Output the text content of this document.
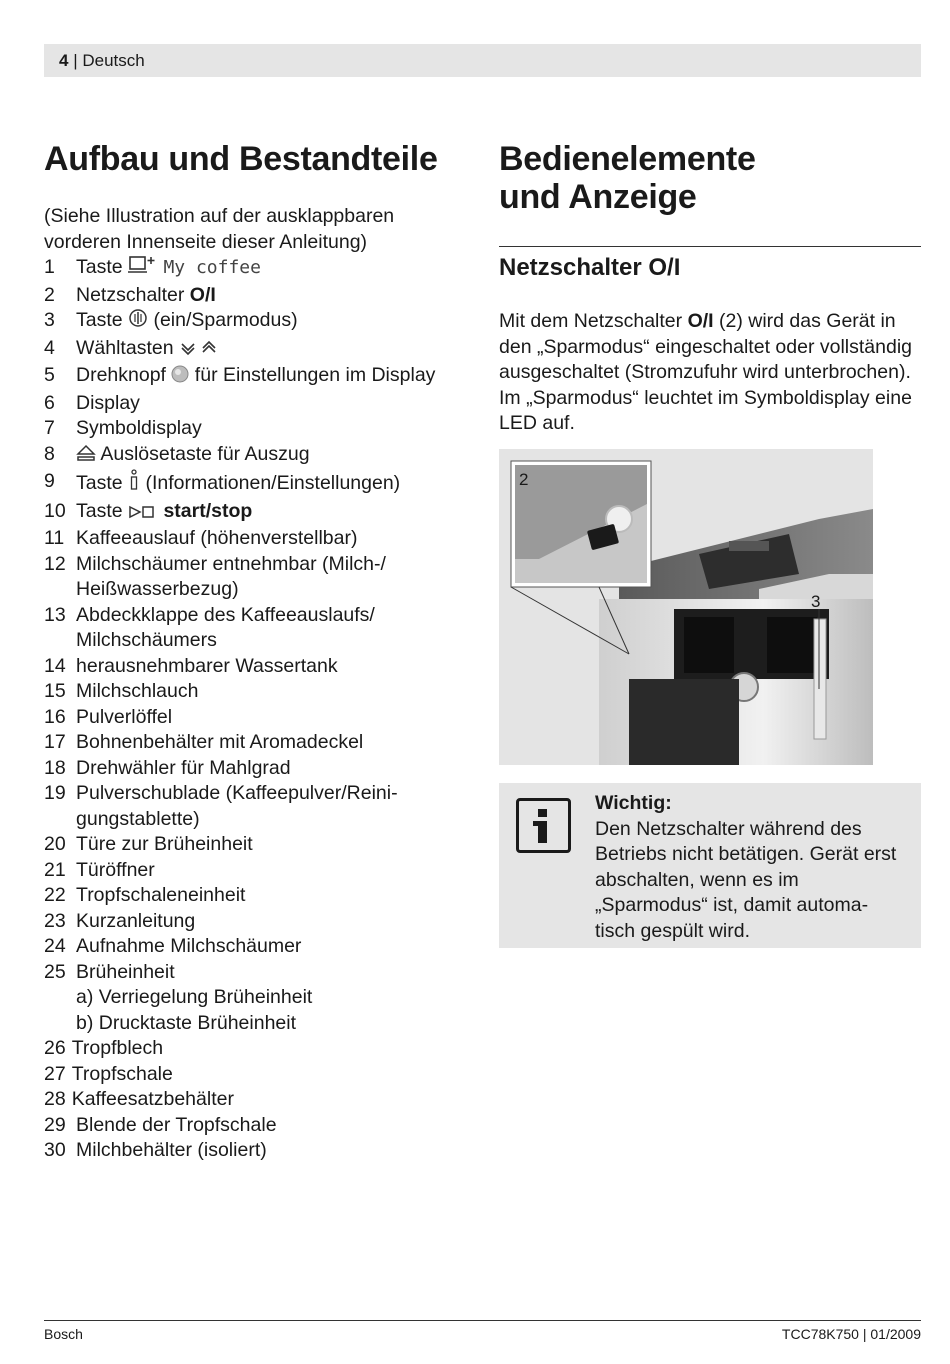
4 | Deutsch
Aufbau und Bestandteile
(Siehe Illustration auf der ausklappbaren vorderen Innenseite dieser Anleitung)
1	Taste My coffee
2	Netzschalter O/I
3	Taste  (ein/Sparmodus)
4	Wähltasten
5	Drehknopf  für Einstellungen im Display
6	Display
7	Symboldisplay
8	Auslösetaste für Auszug
9	Taste  (Informationen/Einstellungen)
10 Taste start/stop
11 Kaffeeauslauf (höhenverstellbar)
12 Milchschäumer entnehmbar (Milch-/
Heißwasserbezug)
13 Abdeckklappe des Kaffeeauslaufs/
Milchschäumers
14 herausnehmbarer Wassertank
15 Milchschlauch
16 Pulverlöffel
17 Bohnenbehälter mit Aromadeckel
18 Drehwähler für Mahlgrad
19 Pulverschublade (Kaffeepulver/Reini-
gungstablette)
20 Türe zur Brüheinheit
21 Türöffner
22 Tropfschaleneinheit
23 Kurzanleitung
24 Aufnahme Milchschäumer
25 Brüheinheit
a) Verriegelung Brüheinheit
b) Drucktaste Brüheinheit
26 Tropfblech
27 Tropfschale
28 Kaffeesatzbehälter
29 Blende der Tropfschale
30 Milchbehälter (isoliert)
Bedienelemente
und Anzeige
Netzschalter O/I
Mit dem Netzschalter O/I (2) wird das Gerät in den „Sparmodus“ eingeschaltet oder vollständig ausgeschaltet (Stromzufuhr wird unterbrochen). Im „Sparmodus“ leuchtet im Symboldisplay eine LED auf.
2
3
Wichtig:
Den Netzschalter während des Betriebs nicht betätigen. Gerät erst abschalten, wenn es im „Sparmodus“ ist, damit automa-tisch gespült wird.
Bosch	TCC78K750 | 01/2009
